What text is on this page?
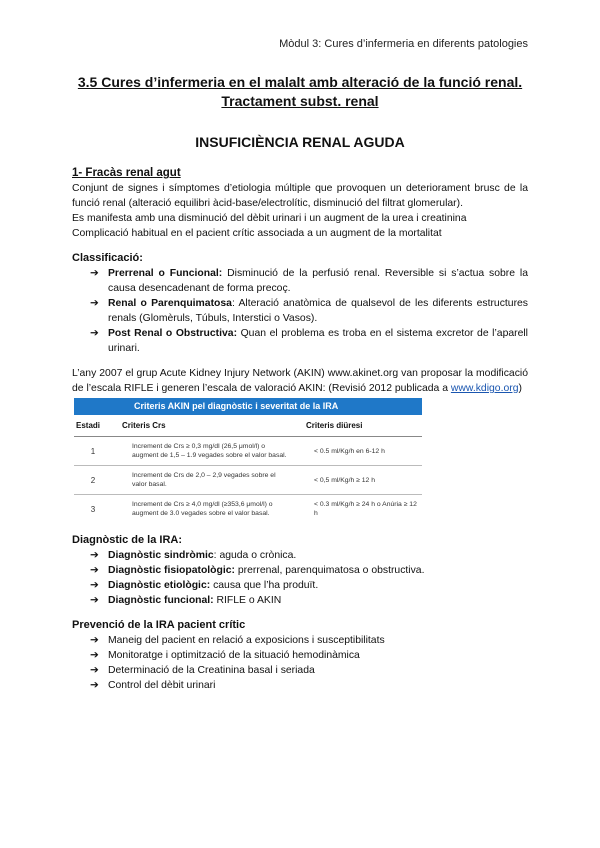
Mòdul 3: Cures d’infermeria en diferents patologies
3.5 Cures d’infermeria en el malalt amb alteració de la funció renal. Tractament subst. renal
INSUFICIÈNCIA RENAL AGUDA

1- Fracàs renal agut

Conjunt de signes i símptomes d’etiologia múltiple que provoquen un deteriorament brusc de la funció renal (alteració equilibri àcid-base/electrolític, disminució del filtrat glomerular).

Es manifesta amb una disminució del dèbit urinari i un augment de la urea i creatinina

Complicació habitual en el pacient crític associada a un augment de la mortalitat

Classificació:

➔ Prerrenal o Funcional: Disminució de la perfusió renal. Reversible si s’actua sobre la causa desencadenant de forma precoç.
➔ Renal o Parenquimatosa: Alteració anatòmica de qualsevol de les diferents estructures renals (Glomèruls, Túbuls, Interstici o Vasos).
➔ Post Renal o Obstructiva: Quan el problema es troba en el sistema excretor de l’aparell urinari.

L’any 2007 el grup Acute Kidney Injury Network (AKIN) www.akinet.org van proposar la modificació de l’escala RIFLE i generen l’escala de valoració AKIN: (Revisió 2012 publicada a www.kdigo.org)

Criteris AKIN pel diagnòstic i severitat de la IRA
Estadi	Criteris Crs	Criteris diüresi
1	Increment de Crs ≥ 0,3 mg/dl (26,5 μmol/l) o augment de 1,5 – 1.9 vegades sobre el valor basal.	< 0.5 ml/Kg/h en 6-12 h
2	Increment de Crs de 2,0 – 2,9 vegades sobre el valor basal.	< 0,5 ml/Kg/h ≥ 12 h
3	Increment de Crs ≥ 4,0 mg/dl (≥353,6 μmol/l) o augment de 3.0 vegades sobre el valor basal.	< 0.3 ml/Kg/h ≥ 24 h o Anúria ≥ 12 h

Diagnòstic de la IRA:

➔ Diagnòstic sindròmic: aguda o crònica.
➔ Diagnòstic fisiopatològic: prerrenal, parenquimatosa o obstructiva.
➔ Diagnòstic etiològic: causa que l’ha produït.
➔ Diagnòstic funcional: RIFLE o AKIN

Prevenció de la IRA pacient crític

➔ Maneig del pacient en relació a exposicions i susceptibilitats
➔ Monitoratge i optimització de la situació hemodinàmica
➔ Determinació de la Creatinina basal i seriada
➔ Control del dèbit urinari
